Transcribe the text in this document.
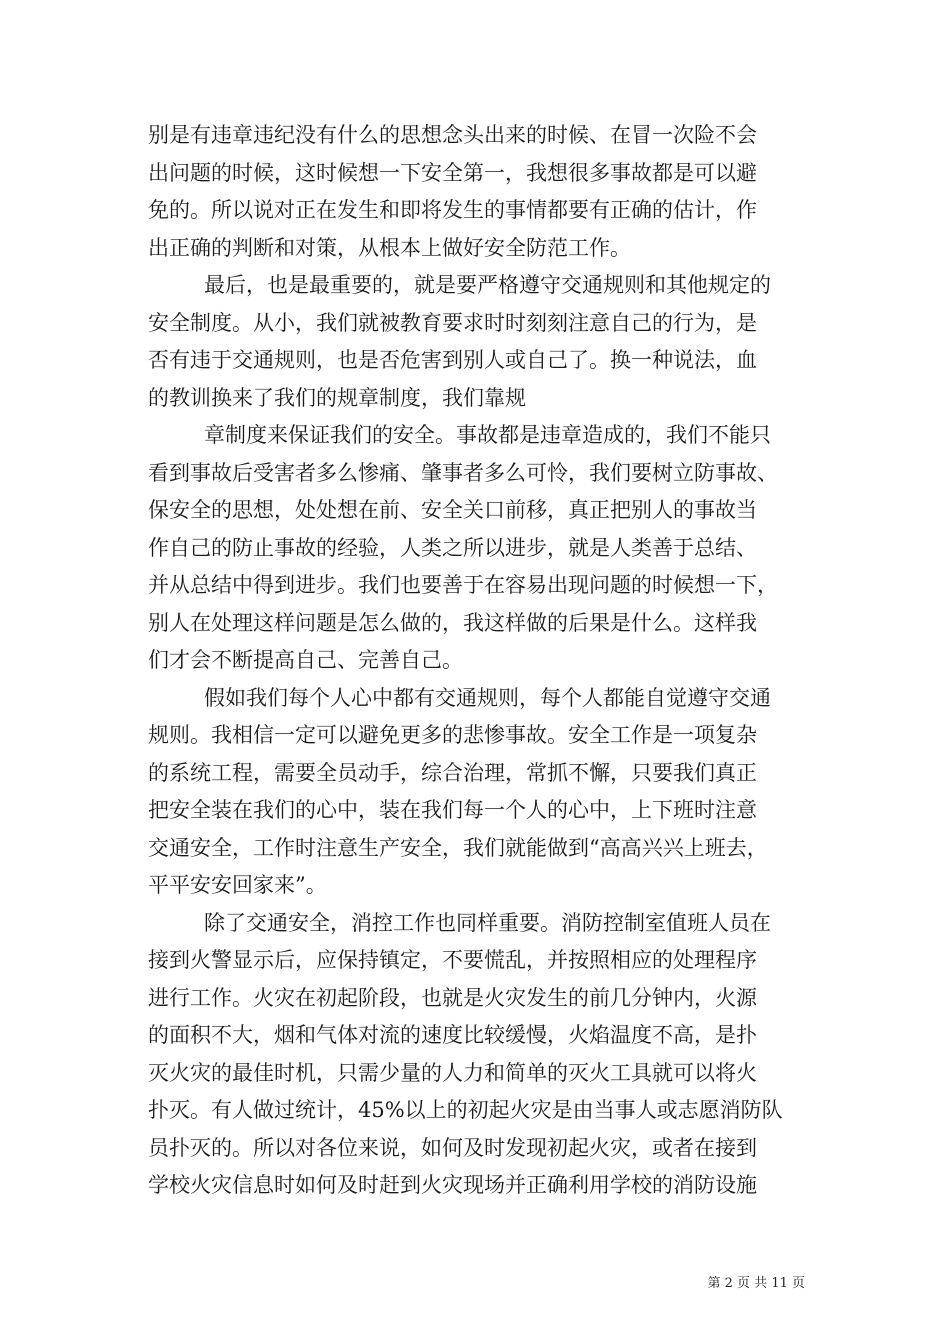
别是有违章违纪没有什么的思想念头出来的时候、在冒一次险不会
出问题的时候，这时候想一下安全第一，我想很多事故都是可以避
免的。所以说对正在发生和即将发生的事情都要有正确的估计，作
出正确的判断和对策，从根本上做好安全防范工作。
最后，也是最重要的，就是要严格遵守交通规则和其他规定的
安全制度。从小，我们就被教育要求时时刻刻注意自己的行为，是
否有违于交通规则，也是否危害到别人或自己了。换一种说法，血
的教训换来了我们的规章制度，我们靠规
章制度来保证我们的安全。事故都是违章造成的，我们不能只
看到事故后受害者多么惨痛、肇事者多么可怜，我们要树立防事故、
保安全的思想，处处想在前、安全关口前移，真正把别人的事故当
作自己的防止事故的经验，人类之所以进步，就是人类善于总结、
并从总结中得到进步。我们也要善于在容易出现问题的时候想一下，
别人在处理这样问题是怎么做的，我这样做的后果是什么。这样我
们才会不断提高自己、完善自己。
假如我们每个人心中都有交通规则，每个人都能自觉遵守交通
规则。我相信一定可以避免更多的悲惨事故。安全工作是一项复杂
的系统工程，需要全员动手，综合治理，常抓不懈，只要我们真正
把安全装在我们的心中，装在我们每一个人的心中，上下班时注意
交通安全，工作时注意生产安全，我们就能做到“高高兴兴上班去，
平平安安回家来”。
除了交通安全，消控工作也同样重要。消防控制室值班人员在
接到火警显示后，应保持镇定，不要慌乱，并按照相应的处理程序
进行工作。火灾在初起阶段，也就是火灾发生的前几分钟内，火源
的面积不大，烟和气体对流的速度比较缓慢，火焰温度不高，是扑
灭火灾的最佳时机，只需少量的人力和简单的灭火工具就可以将火
扑灭。有人做过统计，45%以上的初起火灾是由当事人或志愿消防队
员扑灭的。所以对各位来说，如何及时发现初起火灾，或者在接到
学校火灾信息时如何及时赶到火灾现场并正确利用学校的消防设施
第 2 页 共 11 页
